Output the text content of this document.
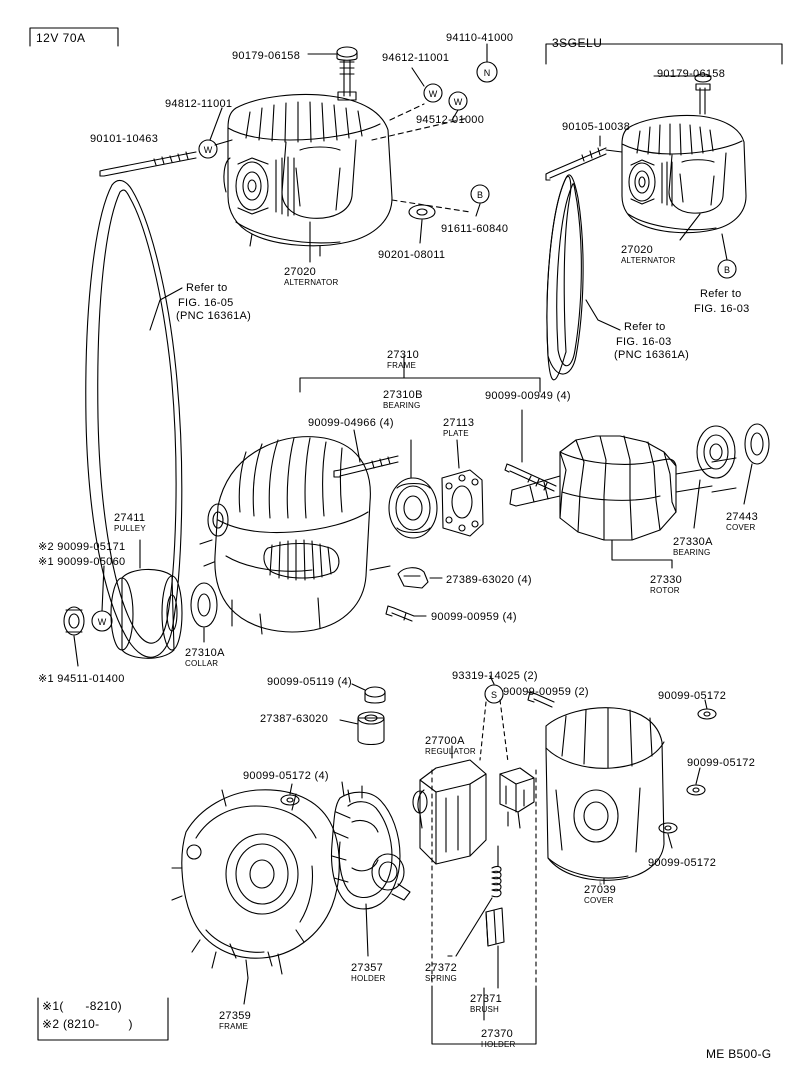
W
W
W
N
B
B
W
S
12V 70A	3SGELU
ME B500-G
※1(      -8210)
※2 (8210-        )
90179-06158
94110-41000
94612-11001
94812-11001
94512-01000
90101-10463
91611-60840
90201-08011
27020
ALTERNATOR
Refer to
FIG. 16-05
(PNC 16361A)
90179-06158
90105-10038
27020
ALTERNATOR
Refer to
FIG. 16-03
Refer to
FIG. 16-03
(PNC 16361A)
27310
FRAME
27310B
BEARING
90099-00949 (4)
90099-04966 (4)	27113
PLATE
27443
COVER
27330A
BEARING
27330
ROTOR
27411
PULLEY
※2 90099-05171
※1 90099-05060
27310A
COLLAR
※1 94511-01400
27389-63020 (4)
90099-00959 (4)
93319-14025 (2)
90099-00959 (2)
90099-05119 (4)
27387-63020
90099-05172
90099-05172
90099-05172
27700A
REGULATOR
90099-05172 (4)
27039
COVER
27357
HOLDER
27372
SPRING
27371
BRUSH
27370
HOLDER
27359
FRAME
